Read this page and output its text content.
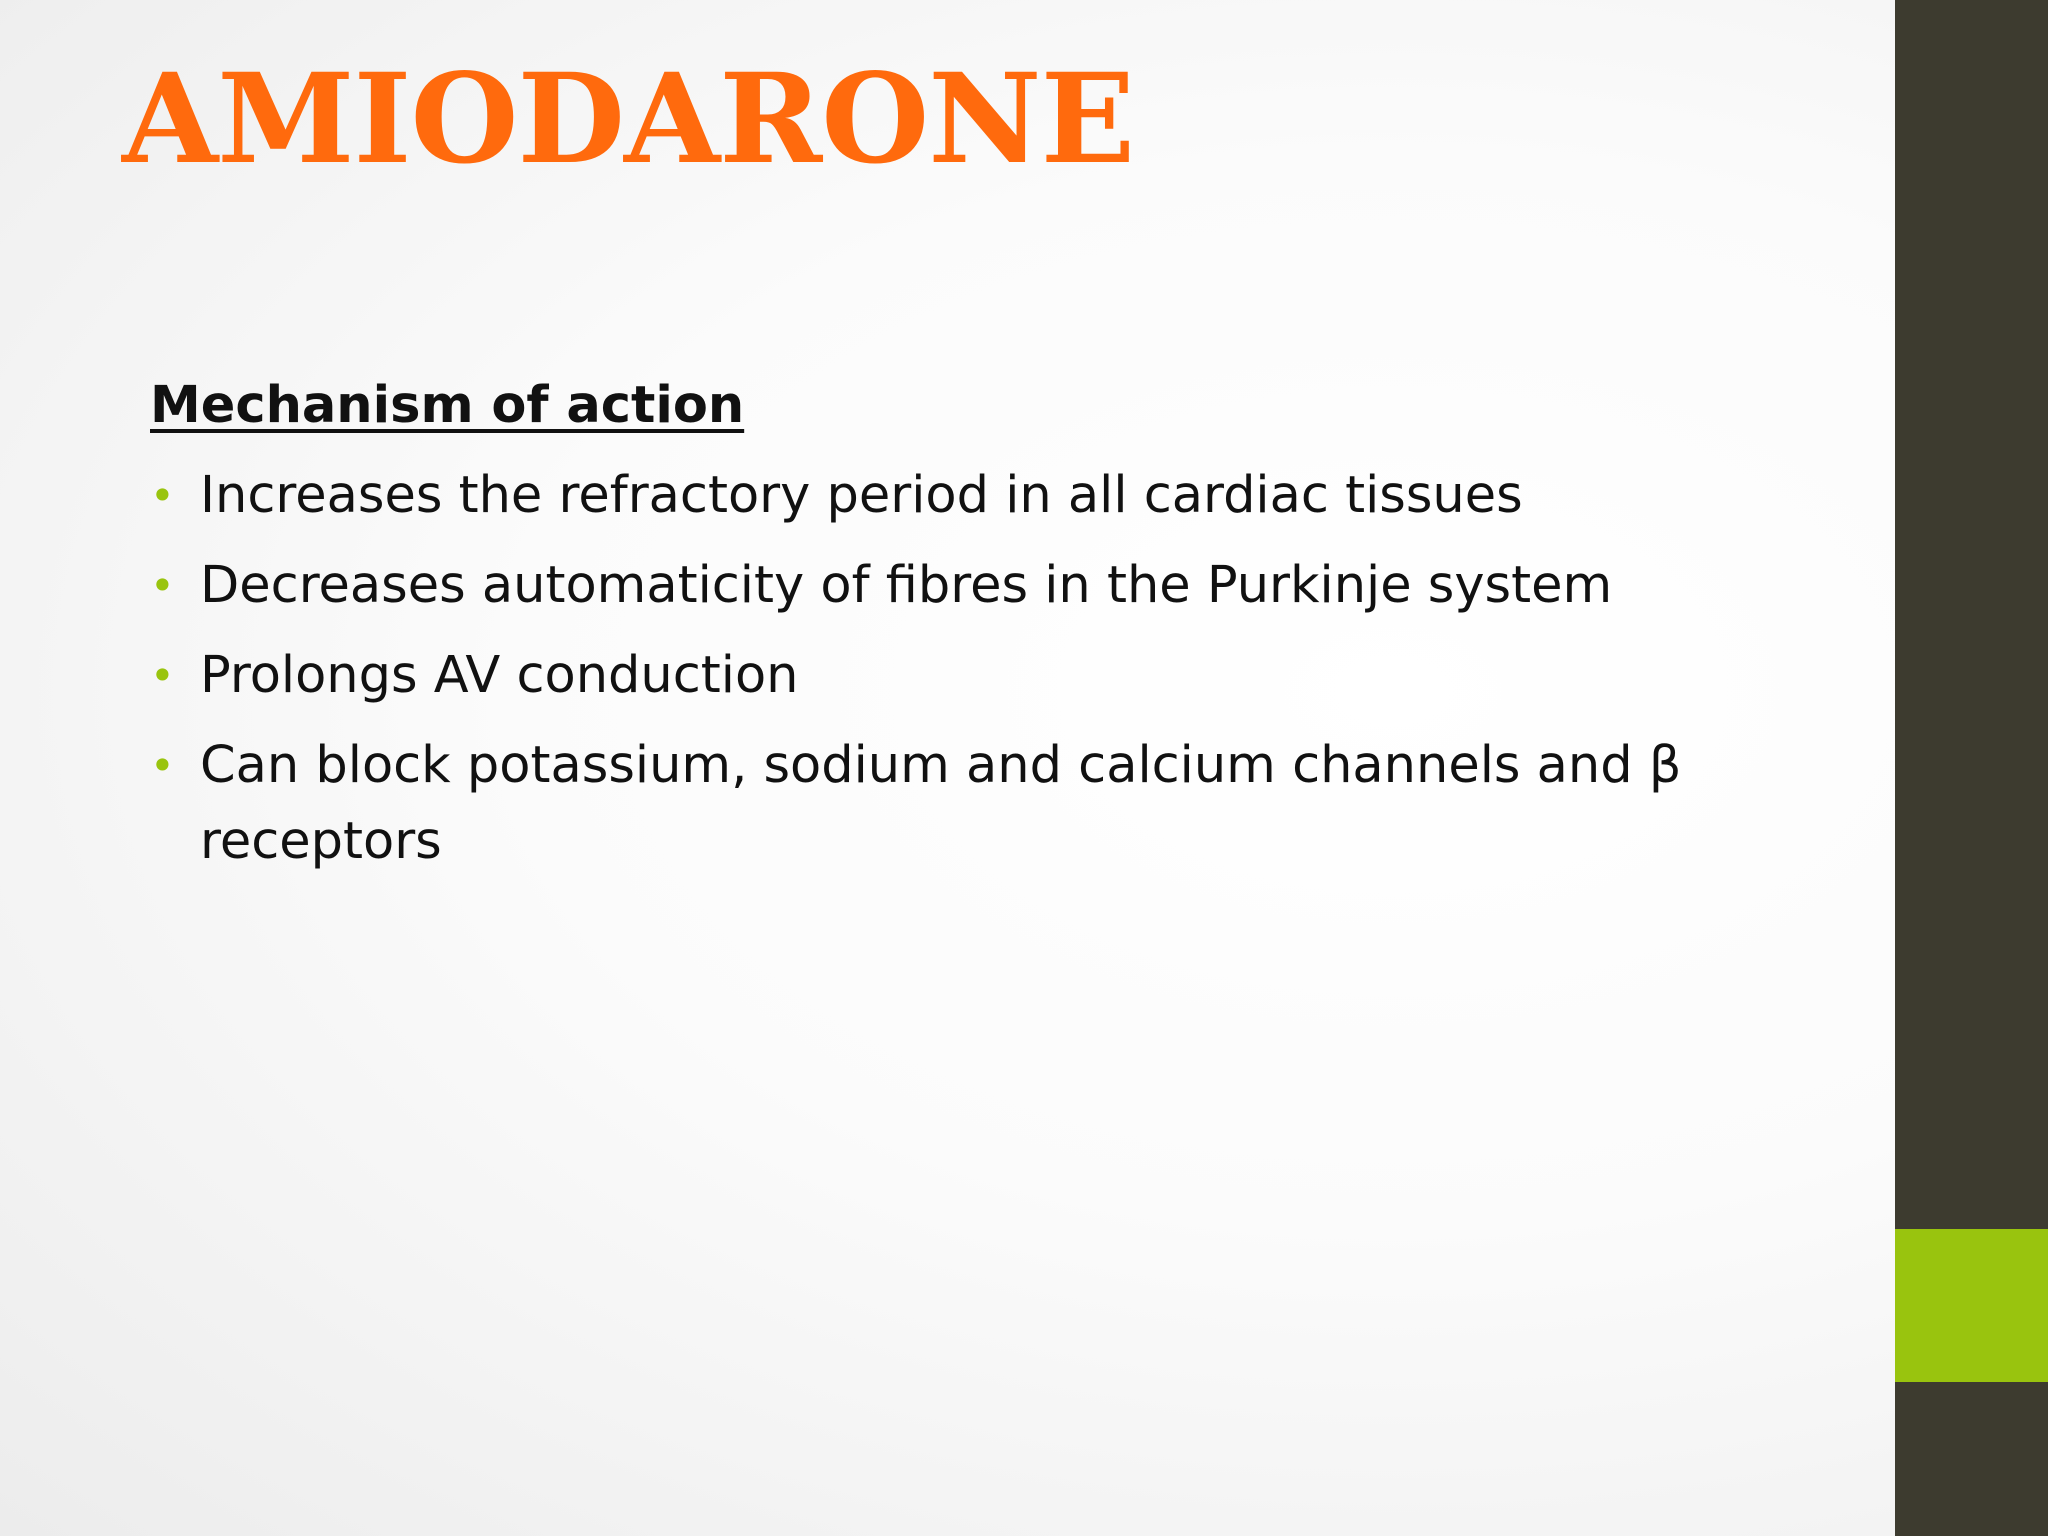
AMIODARONE
Mechanism of action
• Increases the refractory period in all cardiac tissues
• Decreases automaticity of fibres in the Purkinje system
• Prolongs AV conduction
• Can block potassium, sodium and calcium channels and β receptors
